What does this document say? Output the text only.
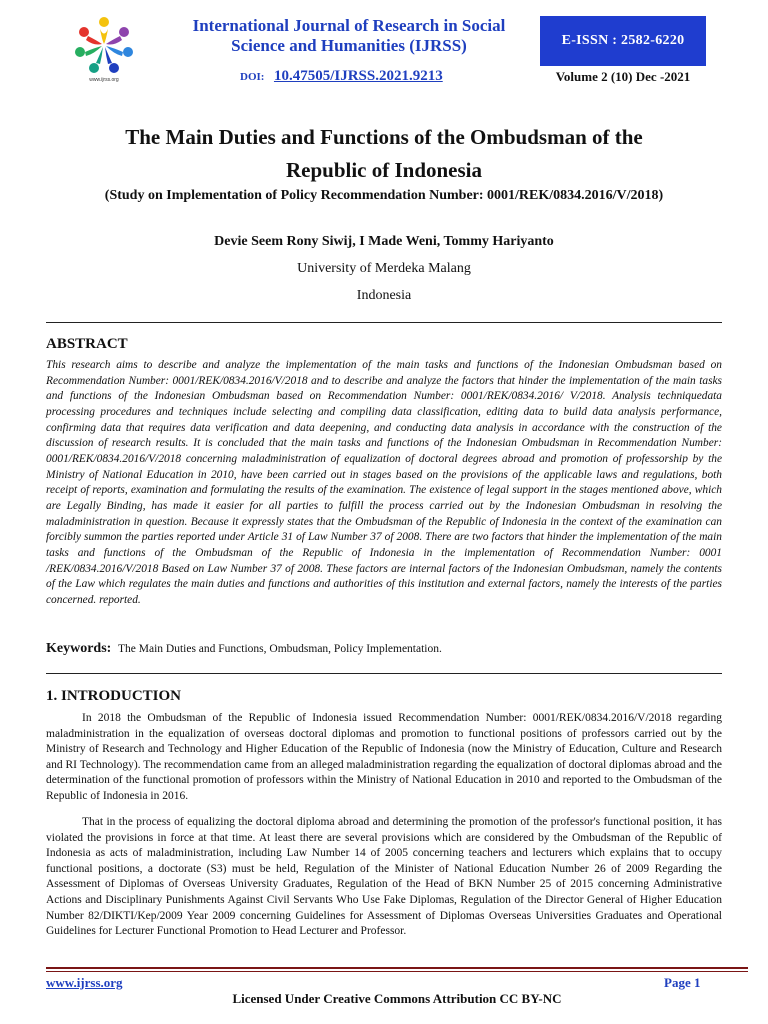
www.ijrss.org
International Journal of Research in Social
Science and Humanities (IJRSS)
DOI: 10.47505/IJRSS.2021.9213
E-ISSN : 2582-6220
Volume 2 (10) Dec -2021
The Main Duties and Functions of the Ombudsman of the
Republic of Indonesia
(Study on Implementation of Policy Recommendation Number: 0001/REK/0834.2016/V/2018)
Devie Seem Rony Siwij, I Made Weni, Tommy Hariyanto
University of Merdeka Malang
Indonesia
ABSTRACT
This research aims to describe and analyze the implementation of the main tasks and functions of the Indonesian Ombudsman based on Recommendation Number: 0001/REK/0834.2016/V/2018 and to describe and analyze the factors that hinder the implementation of the main tasks and functions of the Indonesian Ombudsman based on Recommendation Number: 0001/REK/0834.2016/ V/2018. Analysis techniquedata processing procedures and techniques include selecting and compiling data classification, editing data to build data analysis performance, confirming data that requires data verification and data deepening, and conducting data analysis in accordance with the construction of the discussion of research results. It is concluded that the main tasks and functions of the Indonesian Ombudsman in Recommendation Number: 0001/REK/0834.2016/V/2018 concerning maladministration of equalization of doctoral degrees abroad and promotion of professorship by the Ministry of National Education in 2010, have been carried out in stages based on the provisions of the applicable laws and regulations, both receipt of reports, examination and formulating the results of the examination. The existence of legal support in the stages mentioned above, which are Legally Binding, has made it easier for all parties to fulfill the process carried out by the Indonesian Ombudsman in resolving the maladministration in question. Because it expressly states that the Ombudsman of the Republic of Indonesia in the context of the examination can forcibly summon the parties reported under Article 31 of Law Number 37 of 2008. There are two factors that hinder the implementation of the main tasks and functions of the Ombudsman of the Republic of Indonesia in the implementation of Recommendation Number: 0001 /REK/0834.2016/V/2018 Based on Law Number 37 of 2008. These factors are internal factors of the Indonesian Ombudsman, namely the contents of the Law which regulates the main duties and functions and authorities of this institution and external factors, namely the interests of the parties concerned. reported.
Keywords: The Main Duties and Functions, Ombudsman, Policy Implementation.
1. INTRODUCTION
In 2018 the Ombudsman of the Republic of Indonesia issued Recommendation Number: 0001/REK/0834.2016/V/2018 regarding maladministration in the equalization of overseas doctoral diplomas and promotion to functional positions of professors carried out by the Ministry of Research and Technology and Higher Education of the Republic of Indonesia (now the Ministry of Education, Culture and Research and RI Technology). The recommendation came from an alleged maladministration regarding the equalization of doctoral diplomas abroad and the determination of the functional promotion of professors within the Ministry of National Education in 2010 and reported to the Ombudsman of the Republic of Indonesia in 2016.
That in the process of equalizing the doctoral diploma abroad and determining the promotion of the professor's functional position, it has violated the provisions in force at that time. At least there are several provisions which are considered by the Ombudsman of the Republic of Indonesia as acts of maladministration, including Law Number 14 of 2005 concerning teachers and lecturers which explains that to occupy functional positions, a doctorate (S3) must be held, Regulation of the Minister of National Education Number 26 of 2009 Regarding the Assessment of Diplomas of Overseas University Graduates, Regulation of the Head of BKN Number 25 of 2015 concerning Administrative Actions and Disciplinary Punishments Against Civil Servants Who Use Fake Diplomas, Regulation of the Director General of Higher Education Number 82/DIKTI/Kep/2009 Year 2009 concerning Guidelines for Assessment of Diplomas Overseas Universities Graduates and Operational Guidelines for Lecturer Functional Promotion to Head Lecturer and Professor.
www.ijrss.org	Page 1
Licensed Under Creative Commons Attribution CC BY-NC
